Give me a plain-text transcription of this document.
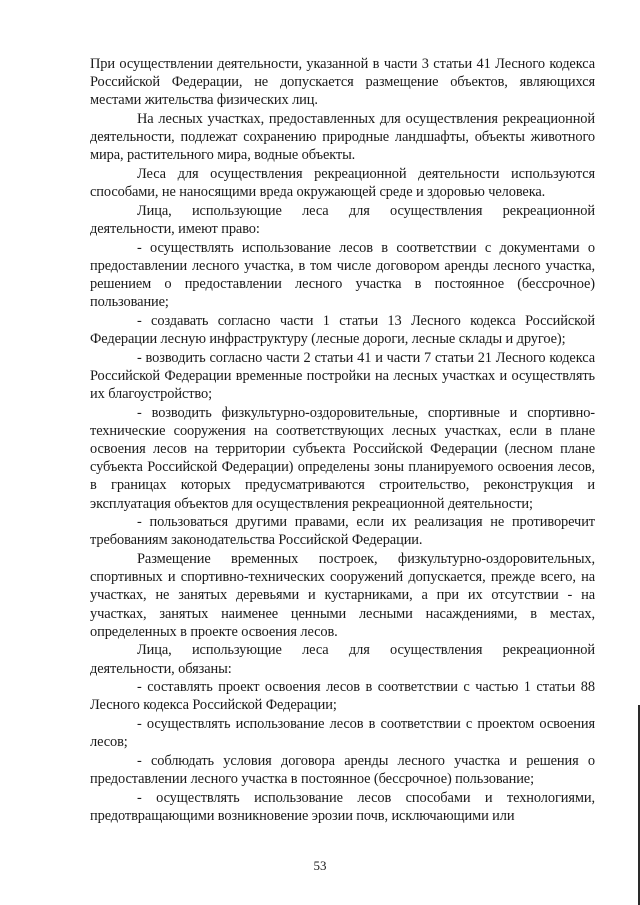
При осуществлении деятельности, указанной в части 3 статьи 41 Лесного кодекса Российской Федерации, не допускается размещение объектов, являющихся местами жительства физических лиц.

На лесных участках, предоставленных для осуществления рекреационной деятельности, подлежат сохранению природные ландшафты, объекты животного мира, растительного мира, водные объекты.

Леса для осуществления рекреационной деятельности используются способами, не наносящими вреда окружающей среде и здоровью человека.

Лица, использующие леса для осуществления рекреационной деятельности, имеют право:

- осуществлять использование лесов в соответствии с документами о предоставлении лесного участка, в том числе договором аренды лесного участка, решением о предоставлении лесного участка в постоянное (бессрочное) пользование;

- создавать согласно части 1 статьи 13 Лесного кодекса Российской Федерации лесную инфраструктуру (лесные дороги, лесные склады и другое);

- возводить согласно части 2 статьи 41 и части 7 статьи 21 Лесного кодекса Российской Федерации временные постройки на лесных участках и осуществлять их благоустройство;

- возводить физкультурно-оздоровительные, спортивные и спортивно-технические сооружения на соответствующих лесных участках, если в плане освоения лесов на территории субъекта Российской Федерации (лесном плане субъекта Российской Федерации) определены зоны планируемого освоения лесов, в границах которых предусматриваются строительство, реконструкция и эксплуатация объектов для осуществления рекреационной деятельности;

- пользоваться другими правами, если их реализация не противоречит требованиям законодательства Российской Федерации.

Размещение временных построек, физкультурно-оздоровительных, спортивных и спортивно-технических сооружений допускается, прежде всего, на участках, не занятых деревьями и кустарниками, а при их отсутствии - на участках, занятых наименее ценными лесными насаждениями, в местах, определенных в проекте освоения лесов.

Лица, использующие леса для осуществления рекреационной деятельности, обязаны:

- составлять проект освоения лесов в соответствии с частью 1 статьи 88 Лесного кодекса Российской Федерации;

- осуществлять использование лесов в соответствии с проектом освоения лесов;

- соблюдать условия договора аренды лесного участка и решения о предоставлении лесного участка в постоянное (бессрочное) пользование;

- осуществлять использование лесов способами и технологиями, предотвращающими возникновение эрозии почв, исключающими или

53
